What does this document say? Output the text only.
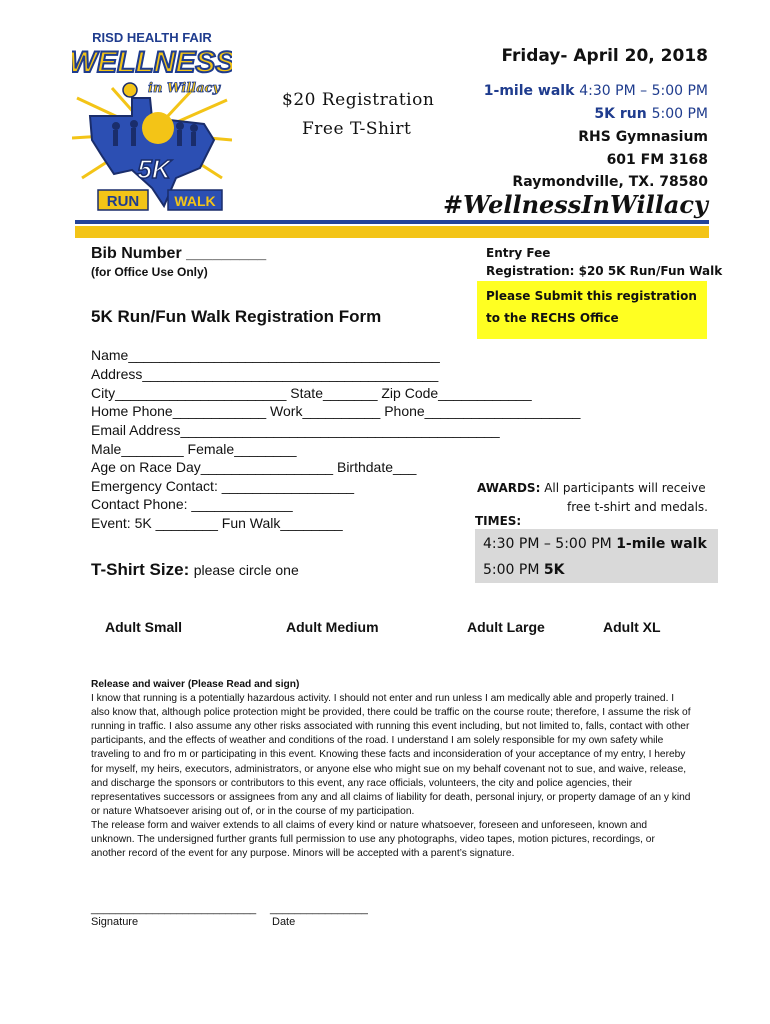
RISD HEALTH FAIR
WELLNESS
in Willacy
5K
RUN	WALK
$20 Registration
Free T-Shirt
Friday- April 20, 2018
1-mile walk 4:30 PM – 5:00 PM
5K run 5:00 PM
RHS Gymnasium
601 FM 3168
Raymondville, TX. 78580
#WellnessInWillacy
Bib Number _________
(for Office Use Only)
Entry Fee
Registration: $20 5K Run/Fun Walk
Please Submit this registration
to the RECHS Office
5K Run/Fun Walk Registration Form
Name________________________________________
Address______________________________________
City______________________ State_______ Zip Code____________
Home Phone____________ Work__________ Phone____________________
Email Address_________________________________________
Male________ Female________
Age on Race Day_________________ Birthdate___
Emergency Contact: _________________
Contact Phone: _____________
Event: 5K ________ Fun Walk________
AWARDS: All participants will receive
free t-shirt and medals.
TIMES:
4:30 PM – 5:00 PM 1-mile walk
5:00 PM 5K
T-Shirt Size: please circle one
Adult Small	Adult Medium	Adult Large	Adult XL
Release and waiver (Please Read and sign)
I know that running is a potentially hazardous activity. I should not enter and run unless I am medically able and properly trained. I also know that, although police protection might be provided, there could be traffic on the course route; therefore, I assume the risk of running in traffic. I also assume any other risks associated with running this event including, but not limited to, falls, contact with other participants, and the effects of weather and conditions of the road. I understand I am solely responsible for my own safety while traveling to and fro m or participating in this event. Knowing these facts and inconsideration of your acceptance of my entry, I hereby for myself, my heirs, executors, administrators, or anyone else who might sue on my behalf covenant not to sue, and waive, release, and discharge the sponsors or contributors to this event, any race officials, volunteers, the city and police agencies, their representatives successors or assignees from any and all claims of liability for death, personal injury, or property damage of an y kind or nature Whatsoever arising out of, or in the course of my participation.
The release form and waiver extends to all claims of every kind or nature whatsoever, foreseen and unforeseen, known and unknown. The undersigned further grants full permission to use any photographs, video tapes, motion pictures, recordings, or another record of the event for any purpose. Minors will be accepted with a parent’s signature.
___________________________ ________________
Signature	Date
